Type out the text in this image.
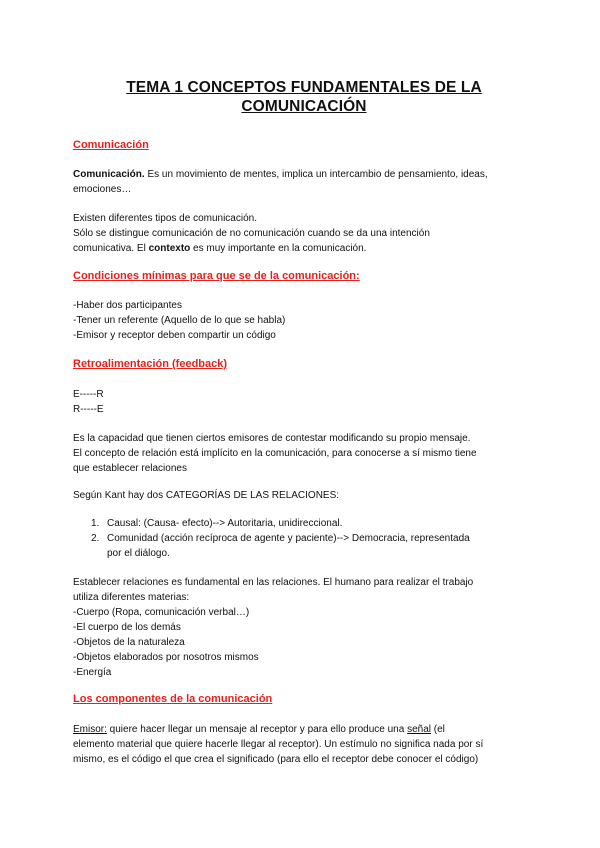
TEMA 1 CONCEPTOS FUNDAMENTALES DE LA COMUNICACIÓN
Comunicación
Comunicación. Es un movimiento de mentes, implica un intercambio de pensamiento, ideas,
emociones…
Existen diferentes tipos de comunicación.
Sólo se distingue comunicación de no comunicación cuando se da una intención
comunicativa. El contexto es muy importante en la comunicación.
Condiciones mínimas para que se de la comunicación:
-Haber dos participantes
-Tener un referente (Aquello de lo que se habla)
-Emisor y receptor deben compartir un código
Retroalimentación (feedback)
E-----R
R-----E
Es la capacidad que tienen ciertos emisores de contestar modificando su propio mensaje.
El concepto de relación está implícito en la comunicación, para conocerse a sí mismo tiene
que establecer relaciones
Según Kant hay dos CATEGORÍAS DE LAS RELACIONES:
1. Causal: (Causa- efecto)--> Autoritaria, unidireccional.
2. Comunidad (acción recíproca de agente y paciente)--> Democracia, representada
por el diálogo.
Establecer relaciones es fundamental en las relaciones. El humano para realizar el trabajo
utiliza diferentes materias:
-Cuerpo (Ropa, comunicación verbal…)
-El cuerpo de los demás
-Objetos de la naturaleza
-Objetos elaborados por nosotros mismos
-Energía
Los componentes de la comunicación
Emisor: quiere hacer llegar un mensaje al receptor y para ello produce una señal (el
elemento material que quiere hacerle llegar al receptor). Un estímulo no significa nada por sí
mismo, es el código el que crea el significado (para ello el receptor debe conocer el código)
